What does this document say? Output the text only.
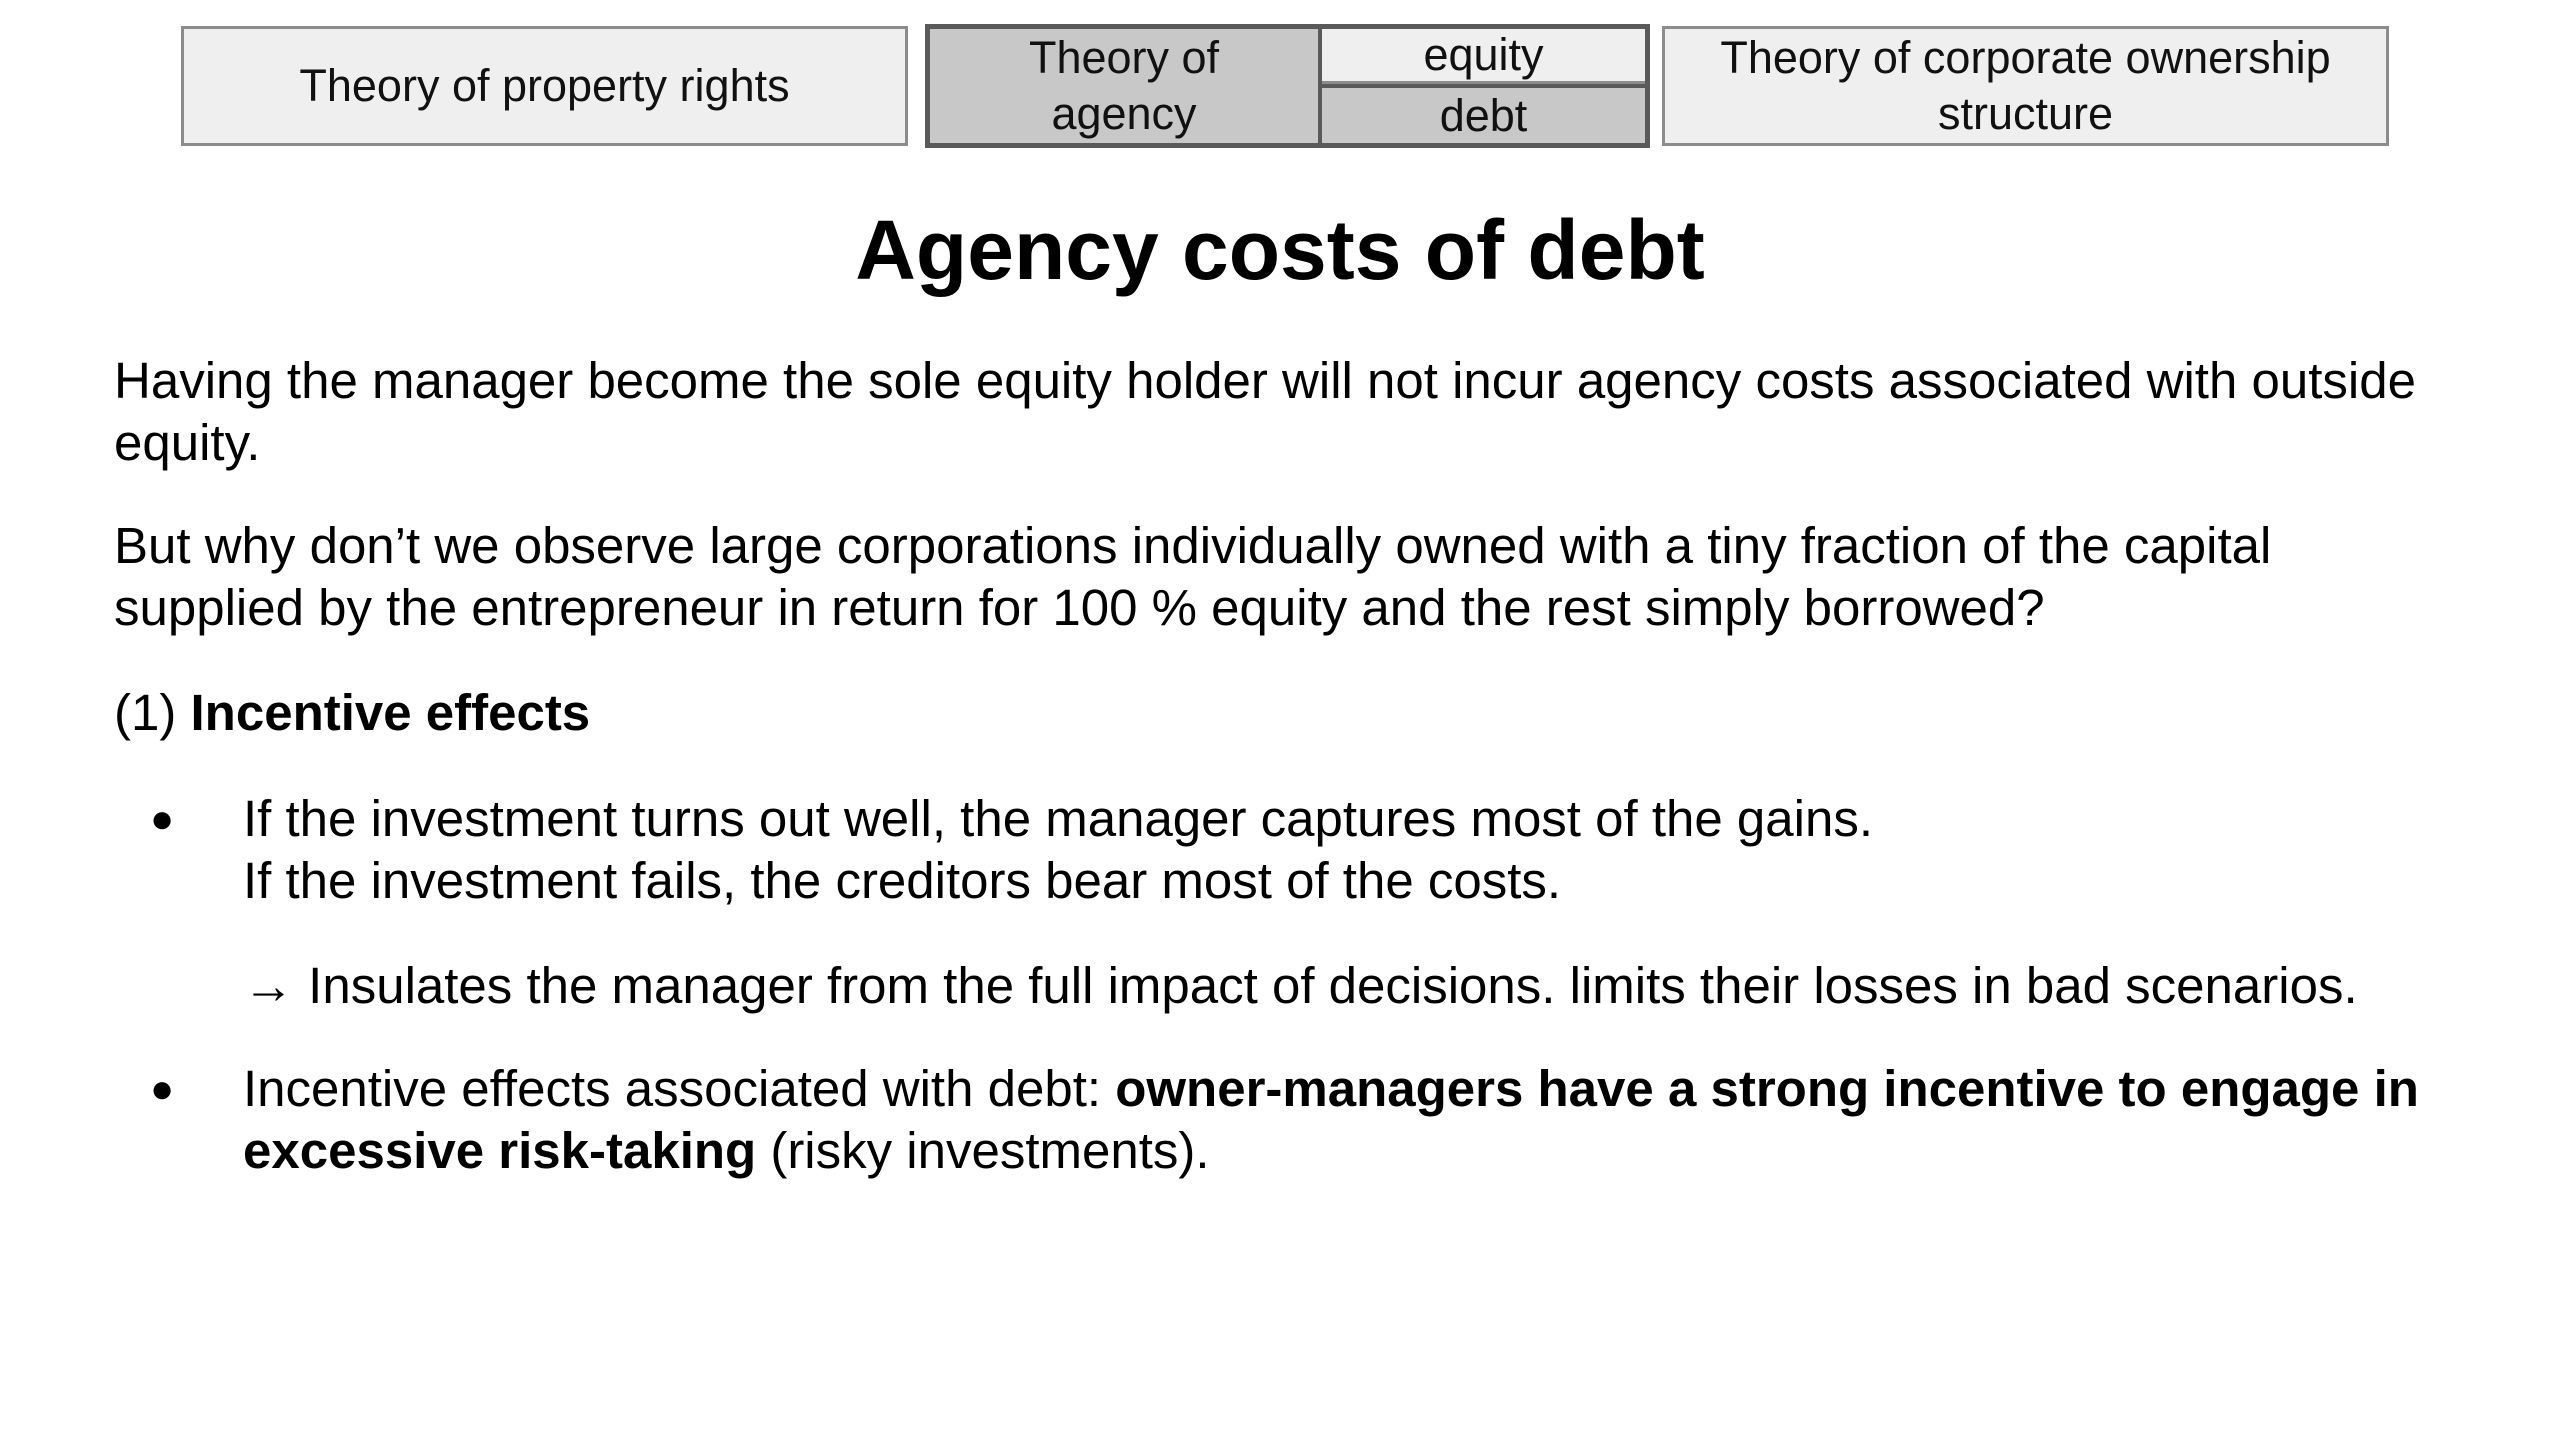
Theory of property rights
Theory of agency
equity
debt
Theory of corporate ownership structure
Agency costs of debt

Having the manager become the sole equity holder will not incur agency costs associated with outside equity.

But why don’t we observe large corporations individually owned with a tiny fraction of the capital supplied by the entrepreneur in return for 100 % equity and the rest simply borrowed?

(1) Incentive effects

● If the investment turns out well, the manager captures most of the gains.

If the investment fails, the creditors bear most of the costs.

→ Insulates the manager from the full impact of decisions. limits their losses in bad scenarios.

● Incentive effects associated with debt: owner-managers have a strong incentive to engage in excessive risk-taking (risky investments).
